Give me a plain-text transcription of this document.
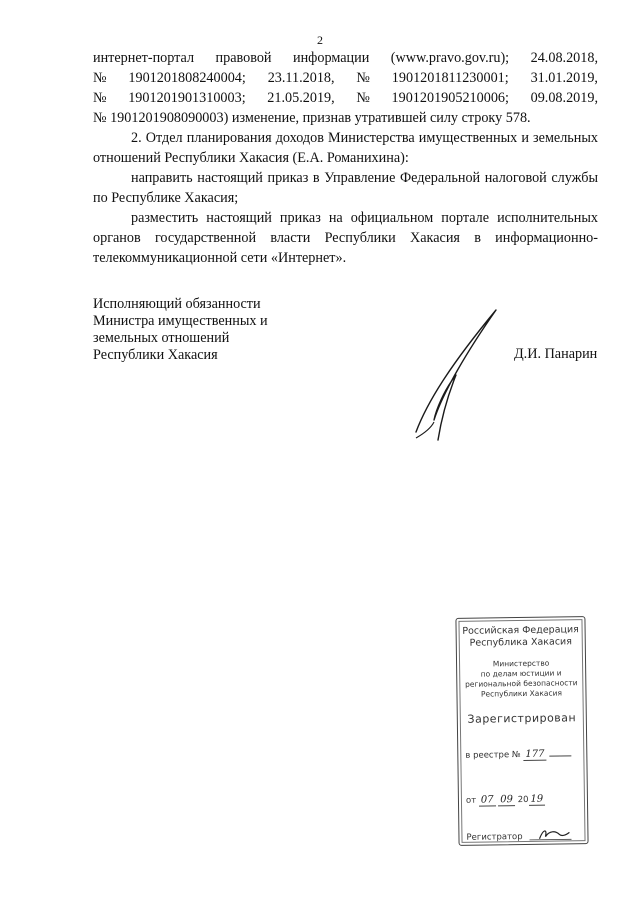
2
интернет-портал правовой информации (www.pravo.gov.ru); 24.08.2018,
№ 1901201808240004; 23.11.2018, № 1901201811230001; 31.01.2019,
№ 1901201901310003; 21.05.2019, № 1901201905210006; 09.08.2019,
№ 1901201908090003) изменение, признав утратившей силу строку 578.
2. Отдел планирования доходов Министерства имущественных и земельных
отношений Республики Хакасия (Е.А. Романихина):
направить настоящий приказ в Управление Федеральной налоговой службы
по Республике Хакасия;
разместить настоящий приказ на официальном портале исполнительных
органов государственной власти Республики Хакасия в информационно-
телекоммуникационной сети «Интернет».
Исполняющий обязанности
Министра имущественных и
земельных отношений
Республики Хакасия	Д.И. Панарин
Российская Федерация
Республика Хакасия
Министерство
по делам юстиции и
региональной безопасности
Республики Хакасия
Зарегистрирован
в реестре № 177
от 07 09 20 19
Регистратор
